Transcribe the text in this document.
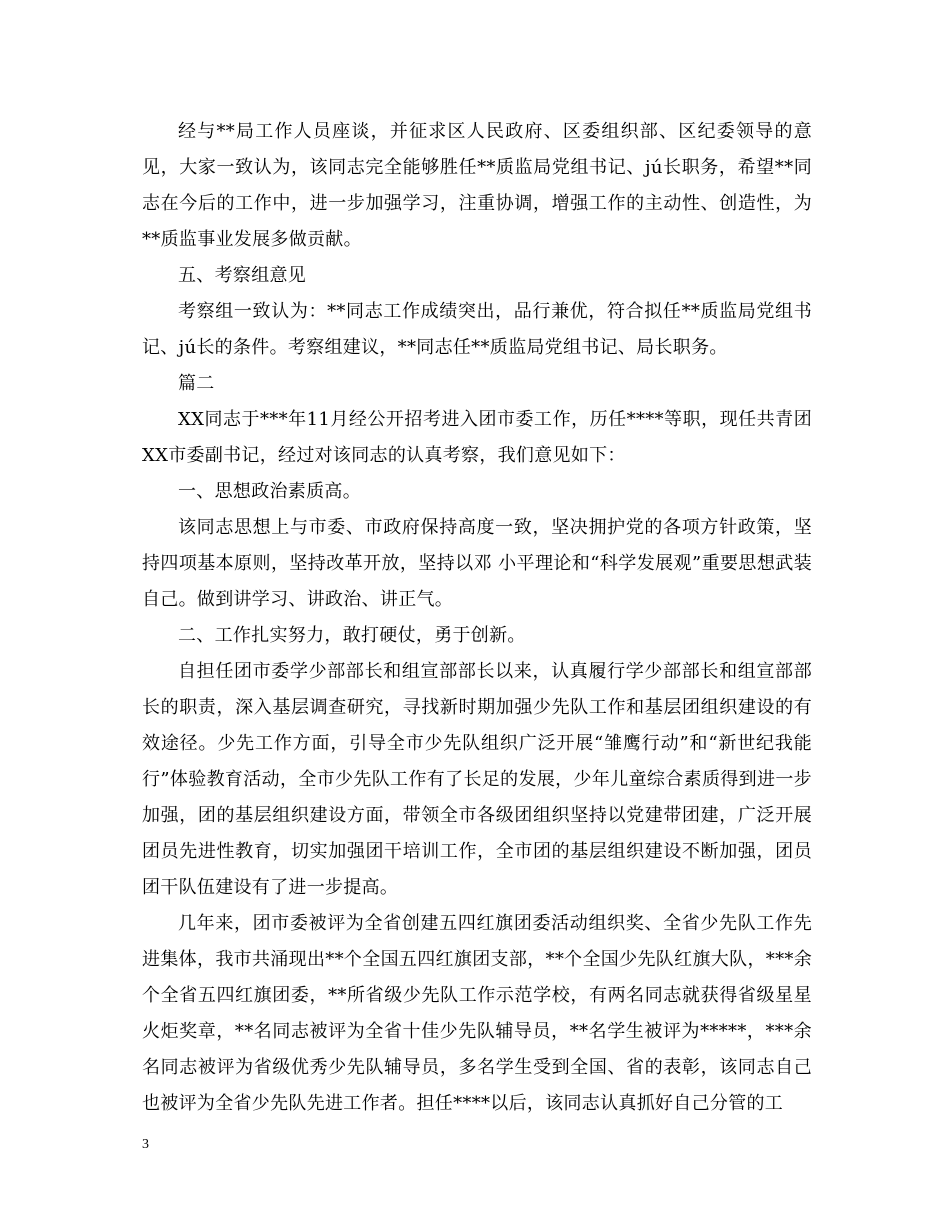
经与**局工作人员座谈，并征求区人民政府、区委组织部、区纪委领导的意见，大家一致认为，该同志完全能够胜任**质监局党组书记、jú长职务，希望**同志在今后的工作中，进一步加强学习，注重协调，增强工作的主动性、创造性，为**质监事业发展多做贡献。

五、考察组意见

考察组一致认为：**同志工作成绩突出，品行兼优，符合拟任**质监局党组书记、jú长的条件。考察组建议，**同志任**质监局党组书记、局长职务。

篇二

XX同志于***年11月经公开招考进入团市委工作，历任****等职，现任共青团XX市委副书记，经过对该同志的认真考察，我们意见如下：

一、思想政治素质高。

该同志思想上与市委、市政府保持高度一致，坚决拥护党的各项方针政策，坚持四项基本原则，坚持改革开放，坚持以邓 小平理论和“科学发展观”重要思想武装自己。做到讲学习、讲政治、讲正气。

二、工作扎实努力，敢打硬仗，勇于创新。

自担任团市委学少部部长和组宣部部长以来，认真履行学少部部长和组宣部部长的职责，深入基层调查研究，寻找新时期加强少先队工作和基层团组织建设的有效途径。少先工作方面，引导全市少先队组织广泛开展“雏鹰行动”和“新世纪我能行”体验教育活动，全市少先队工作有了长足的发展，少年儿童综合素质得到进一步加强，团的基层组织建设方面，带领全市各级团组织坚持以党建带团建，广泛开展团员先进性教育，切实加强团干培训工作，全市团的基层组织建设不断加强，团员团干队伍建设有了进一步提高。

几年来，团市委被评为全省创建五四红旗团委活动组织奖、全省少先队工作先进集体，我市共涌现出**个全国五四红旗团支部，**个全国少先队红旗大队，***余个全省五四红旗团委，**所省级少先队工作示范学校，有两名同志就获得省级星星火炬奖章，**名同志被评为全省十佳少先队辅导员，**名学生被评为*****，***余名同志被评为省级优秀少先队辅导员，多名学生受到全国、省的表彰，该同志自己也被评为全省少先队先进工作者。担任****以后，该同志认真抓好自己分管的工

3
